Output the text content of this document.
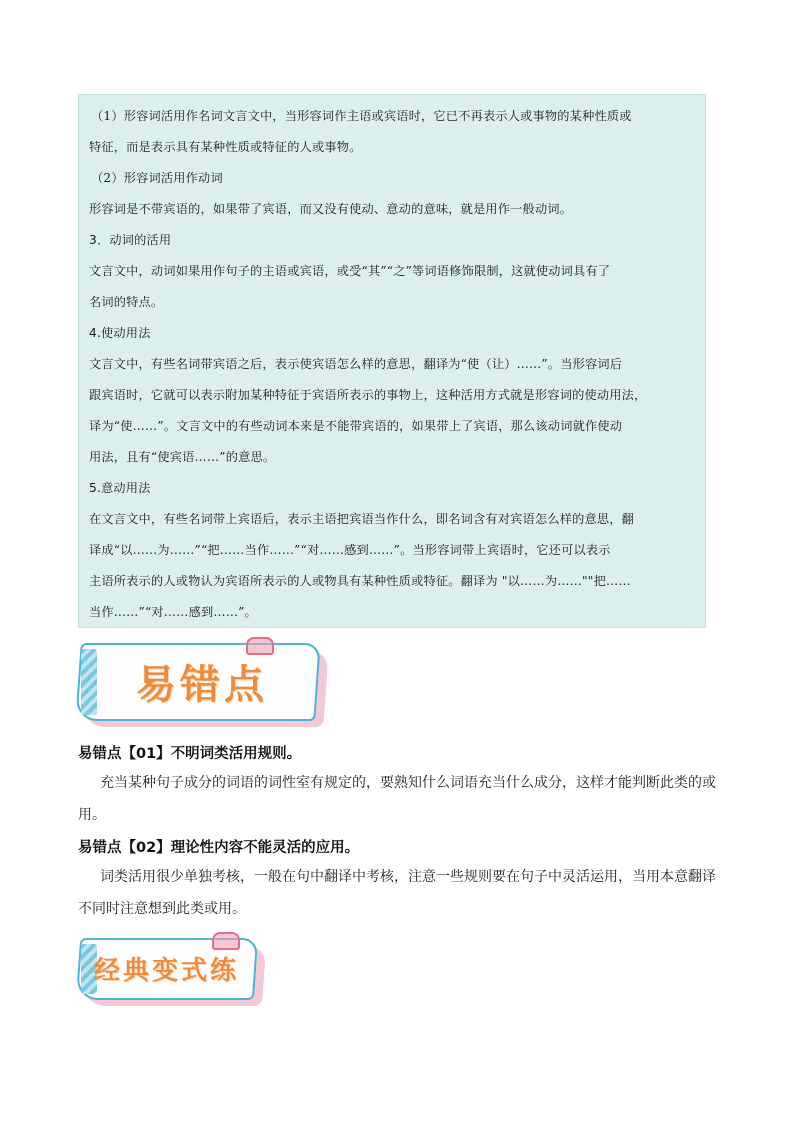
（1）形容词活用作名词文言文中，当形容词作主语或宾语时，它已不再表示人或事物的某种性质或
特征，而是表示具有某种性质或特征的人或事物。
（2）形容词活用作动词
形容词是不带宾语的，如果带了宾语，而又没有使动、意动的意味，就是用作一般动词。
3．动词的活用
文言文中，动词如果用作句子的主语或宾语，或受“其”“之”等词语修饰限制，这就使动词具有了
名词的特点。
4.使动用法
文言文中，有些名词带宾语之后，表示使宾语怎么样的意思，翻译为“使（让）……”。当形容词后
跟宾语时，它就可以表示附加某种特征于宾语所表示的事物上，这种活用方式就是形容词的使动用法，
译为“使……”。文言文中的有些动词本来是不能带宾语的，如果带上了宾语，那么该动词就作使动
用法，且有“使宾语……”的意思。
5.意动用法
在文言文中，有些名词带上宾语后，表示主语把宾语当作什么，即名词含有对宾语怎么样的意思，翻
译成“以……为……”“把……当作……”“对……感到……”。当形容词带上宾语时，它还可以表示
主语所表示的人或物认为宾语所表示的人或物具有某种性质或特征。翻译为 "以……为……""把……
当作……”“对……感到……”。
易错点
易错点【01】不明词类活用规则。
充当某种句子成分的词语的词性室有规定的，要熟知什么词语充当什么成分，这样才能判断此类的或
用。
易错点【02】理论性内容不能灵活的应用。
词类活用很少单独考核，一般在句中翻译中考核，注意一些规则要在句子中灵活运用，当用本意翻译
不同时注意想到此类或用。
经典变式练
